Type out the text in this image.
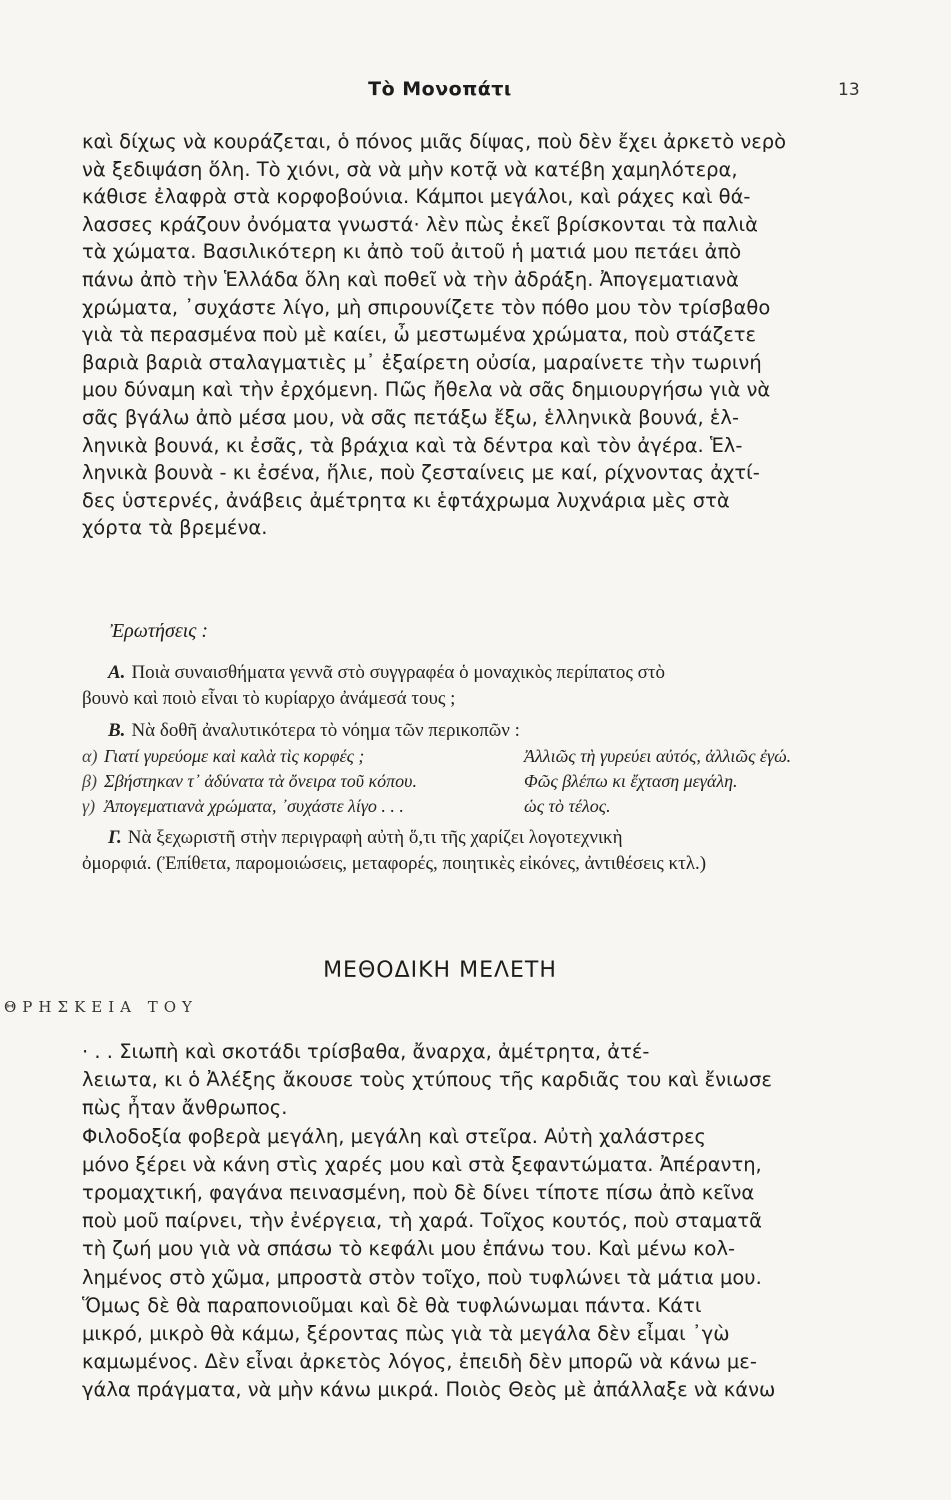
Τὸ Μονοπάτι	13
καὶ δίχως νὰ κουράζεται, ὁ πόνος μιᾶς δίψας, ποὺ δὲν ἔχει ἀρκετὸ νερὸ
νὰ ξεδιψάση ὅλη. Τὸ χιόνι, σὰ νὰ μὴν κοτᾷ νὰ κατέβη χαμηλότερα,
κάθισε ἐλαφρὰ στὰ κορφοβούνια. Κάμποι μεγάλοι, καὶ ράχες καὶ θά-
λασσες κράζουν ὀνόματα γνωστά· λὲν πὼς ἐκεῖ βρίσκονται τὰ παλιὰ
τὰ χώματα. Βασιλικότερη κι ἀπὸ τοῦ ἀιτοῦ ἡ ματιά μου πετάει ἀπὸ
πάνω ἀπὸ τὴν Ἑλλάδα ὅλη καὶ ποθεῖ νὰ τὴν ἀδράξη. Ἀπογεματιανὰ
χρώματα, ᾽συχάστε λίγο, μὴ σπιρουνίζετε τὸν πόθο μου τὸν τρίσβαθο
γιὰ τὰ περασμένα ποὺ μὲ καίει, ὦ μεστωμένα χρώματα, ποὺ στάζετε
βαριὰ βαριὰ σταλαγματιὲς μ᾽ ἐξαίρετη οὐσία, μαραίνετε τὴν τωρινή
μου δύναμη καὶ τὴν ἐρχόμενη. Πῶς ἤθελα νὰ σᾶς δημιουργήσω γιὰ νὰ
σᾶς βγάλω ἀπὸ μέσα μου, νὰ σᾶς πετάξω ἔξω, ἑλληνικὰ βουνά, ἑλ-
ληνικὰ βουνά, κι ἐσᾶς, τὰ βράχια καὶ τὰ δέντρα καὶ τὸν ἀγέρα. Ἑλ-
ληνικὰ βουνὰ - κι ἐσένα, ἥλιε, ποὺ ζεσταίνεις με καί, ρίχνοντας ἀχτί-
δες ὑστερνές, ἀνάβεις ἀμέτρητα κι ἑφτάχρωμα λυχνάρια μὲς στὰ
χόρτα τὰ βρεμένα.
Ἐρωτήσεις :
Α. Ποιὰ συναισθήματα γεννᾶ στὸ συγγραφέα ὁ μοναχικὸς περίπατος στὸ
βουνὸ καὶ ποιὸ εἶναι τὸ κυρίαρχο ἀνάμεσά τους ;
Β. Νὰ δοθῆ ἀναλυτικότερα τὸ νόημα τῶν περικοπῶν :
α) Γιατί γυρεύομε καὶ καλὰ τὶς κορφές ;	Ἀλλιῶς τὴ γυρεύει αὐτός, ἀλλιῶς ἐγώ.
β) Σβήστηκαν τ᾽ ἀδύνατα τὰ ὄνειρα τοῦ κόπου.	Φῶς βλέπω κι ἔχταση μεγάλη.
γ) Ἀπογεματιανὰ χρώματα, ᾽συχάστε λίγο . . .	ὡς τὸ τέλος.
Γ. Νὰ ξεχωριστῆ στὴν περιγραφὴ αὐτὴ ὅ,τι τῆς χαρίζει λογοτεχνικὴ
ὀμορφιά. (Ἐπίθετα, παρομοιώσεις, μεταφορές, ποιητικὲς εἰκόνες, ἀντιθέσεις κτλ.)
ΜΕΘΟΔΙΚΗ ΜΕΛΕΤΗ
ΘΡΗΣΚΕΙΑ ΤΟΥ
· . . Σιωπὴ καὶ σκοτάδι τρίσβαθα, ἄναρχα, ἀμέτρητα, ἀτέ-
λειωτα, κι ὁ Ἀλέξης ἄκουσε τοὺς χτύπους τῆς καρδιᾶς του καὶ ἔνιωσε
πὼς ἦταν ἄνθρωπος.
Φιλοδοξία φοβερὰ μεγάλη, μεγάλη καὶ στεῖρα. Αὐτὴ χαλάστρες
μόνο ξέρει νὰ κάνη στὶς χαρές μου καὶ στὰ ξεφαντώματα. Ἀπέραντη,
τρομαχτική, φαγάνα πεινασμένη, ποὺ δὲ δίνει τίποτε πίσω ἀπὸ κεῖνα
ποὺ μοῦ παίρνει, τὴν ἐνέργεια, τὴ χαρά. Τοῖχος κουτός, ποὺ σταματᾶ
τὴ ζωή μου γιὰ νὰ σπάσω τὸ κεφάλι μου ἐπάνω του. Καὶ μένω κολ-
λημένος στὸ χῶμα, μπροστὰ στὸν τοῖχο, ποὺ τυφλώνει τὰ μάτια μου.
Ὅμως δὲ θὰ παραπονιοῦμαι καὶ δὲ θὰ τυφλώνωμαι πάντα. Κάτι
μικρό, μικρὸ θὰ κάμω, ξέροντας πὼς γιὰ τὰ μεγάλα δὲν εἶμαι ᾽γὼ
καμωμένος. Δὲν εἶναι ἀρκετὸς λόγος, ἐπειδὴ δὲν μπορῶ νὰ κάνω με-
γάλα πράγματα, νὰ μὴν κάνω μικρά. Ποιὸς Θεὸς μὲ ἀπάλλαξε νὰ κάνω
